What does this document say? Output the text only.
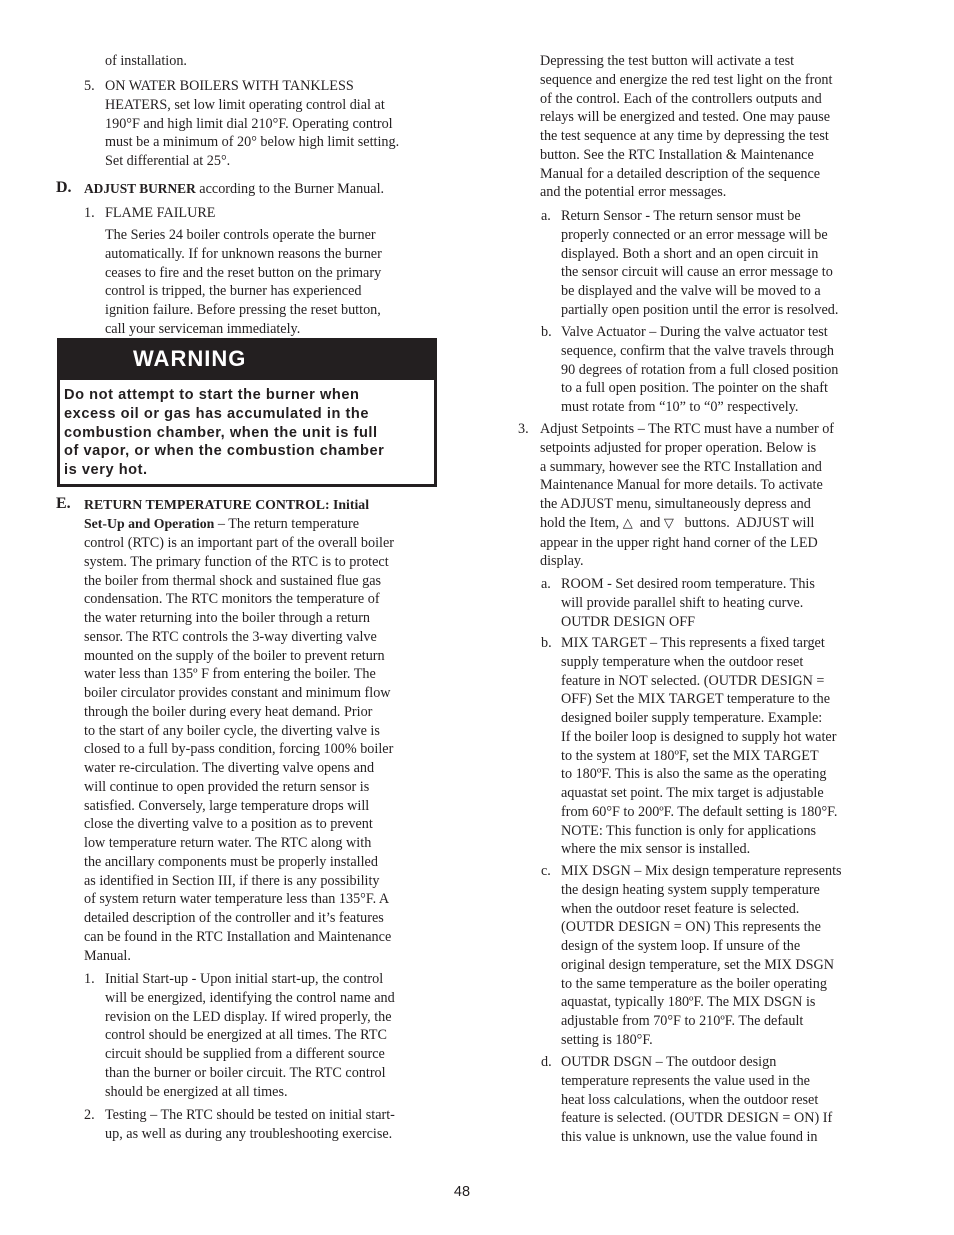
of installation.
5. ON WATER BOILERS WITH TANKLESS
HEATERS, set low limit operating control dial at
190°F and high limit dial 210°F. Operating control
must be a minimum of 20° below high limit setting.
Set differential at 25°.
D. ADJUST BURNER according to the Burner Manual.
1. FLAME FAILURE
The Series 24 boiler controls operate the burner
automatically. If for unknown reasons the burner
ceases to fire and the reset button on the primary
control is tripped, the burner has experienced
ignition failure. Before pressing the reset button,
call your serviceman immediately.
WARNING
Do not attempt to start the burner when
excess oil or gas has accumulated in the
combustion chamber, when the unit is full
of vapor, or when the combustion chamber
is very hot.
E. RETURN TEMPERATURE CONTROL: Initial
Set-Up and Operation – The return temperature
control (RTC) is an important part of the overall boiler
system. The primary function of the RTC is to protect
the boiler from thermal shock and sustained flue gas
condensation. The RTC monitors the temperature of
the water returning into the boiler through a return
sensor. The RTC controls the 3-way diverting valve
mounted on the supply of the boiler to prevent return
water less than 135º F from entering the boiler. The
boiler circulator provides constant and minimum flow
through the boiler during every heat demand. Prior
to the start of any boiler cycle, the diverting valve is
closed to a full by-pass condition, forcing 100% boiler
water re-circulation. The diverting valve opens and
will continue to open provided the return sensor is
satisfied. Conversely, large temperature drops will
close the diverting valve to a position as to prevent
low temperature return water. The RTC along with
the ancillary components must be properly installed
as identified in Section III, if there is any possibility
of system return water temperature less than 135°F. A
detailed description of the controller and it’s features
can be found in the RTC Installation and Maintenance
Manual.
1. Initial Start-up - Upon initial start-up, the control
will be energized, identifying the control name and
revision on the LED display. If wired properly, the
control should be energized at all times. The RTC
circuit should be supplied from a different source
than the burner or boiler circuit. The RTC control
should be energized at all times.
2. Testing – The RTC should be tested on initial start-
up, as well as during any troubleshooting exercise.
Depressing the test button will activate a test
sequence and energize the red test light on the front
of the control. Each of the controllers outputs and
relays will be energized and tested. One may pause
the test sequence at any time by depressing the test
button. See the RTC Installation & Maintenance
Manual for a detailed description of the sequence
and the potential error messages.
a. Return Sensor - The return sensor must be
properly connected or an error message will be
displayed. Both a short and an open circuit in
the sensor circuit will cause an error message to
be displayed and the valve will be moved to a
partially open position until the error is resolved.
b. Valve Actuator – During the valve actuator test
sequence, confirm that the valve travels through
90 degrees of rotation from a full closed position
to a full open position. The pointer on the shaft
must rotate from “10” to “0” respectively.
3. Adjust Setpoints – The RTC must have a number of
setpoints adjusted for proper operation. Below is
a summary, however see the RTC Installation and
Maintenance Manual for more details. To activate
the ADJUST menu, simultaneously depress and
hold the Item, △  and ▽   buttons.  ADJUST will
appear in the upper right hand corner of the LED
display.
a. ROOM - Set desired room temperature. This
will provide parallel shift to heating curve.
OUTDR DESIGN OFF
b. MIX TARGET – This represents a fixed target
supply temperature when the outdoor reset
feature in NOT selected. (OUTDR DESIGN =
OFF) Set the MIX TARGET temperature to the
designed boiler supply temperature. Example:
If the boiler loop is designed to supply hot water
to the system at 180ºF, set the MIX TARGET
to 180ºF. This is also the same as the operating
aquastat set point. The mix target is adjustable
from 60°F to 200ºF. The default setting is 180°F.
NOTE: This function is only for applications
where the mix sensor is installed.
c. MIX DSGN – Mix design temperature represents
the design heating system supply temperature
when the outdoor reset feature is selected.
(OUTDR DESIGN = ON) This represents the
design of the system loop. If unsure of the
original design temperature, set the MIX DSGN
to the same temperature as the boiler operating
aquastat, typically 180ºF. The MIX DSGN is
adjustable from 70°F to 210ºF. The default
setting is 180°F.
d. OUTDR DSGN – The outdoor design
temperature represents the value used in the
heat loss calculations, when the outdoor reset
feature is selected. (OUTDR DESIGN = ON) If
this value is unknown, use the value found in
48
